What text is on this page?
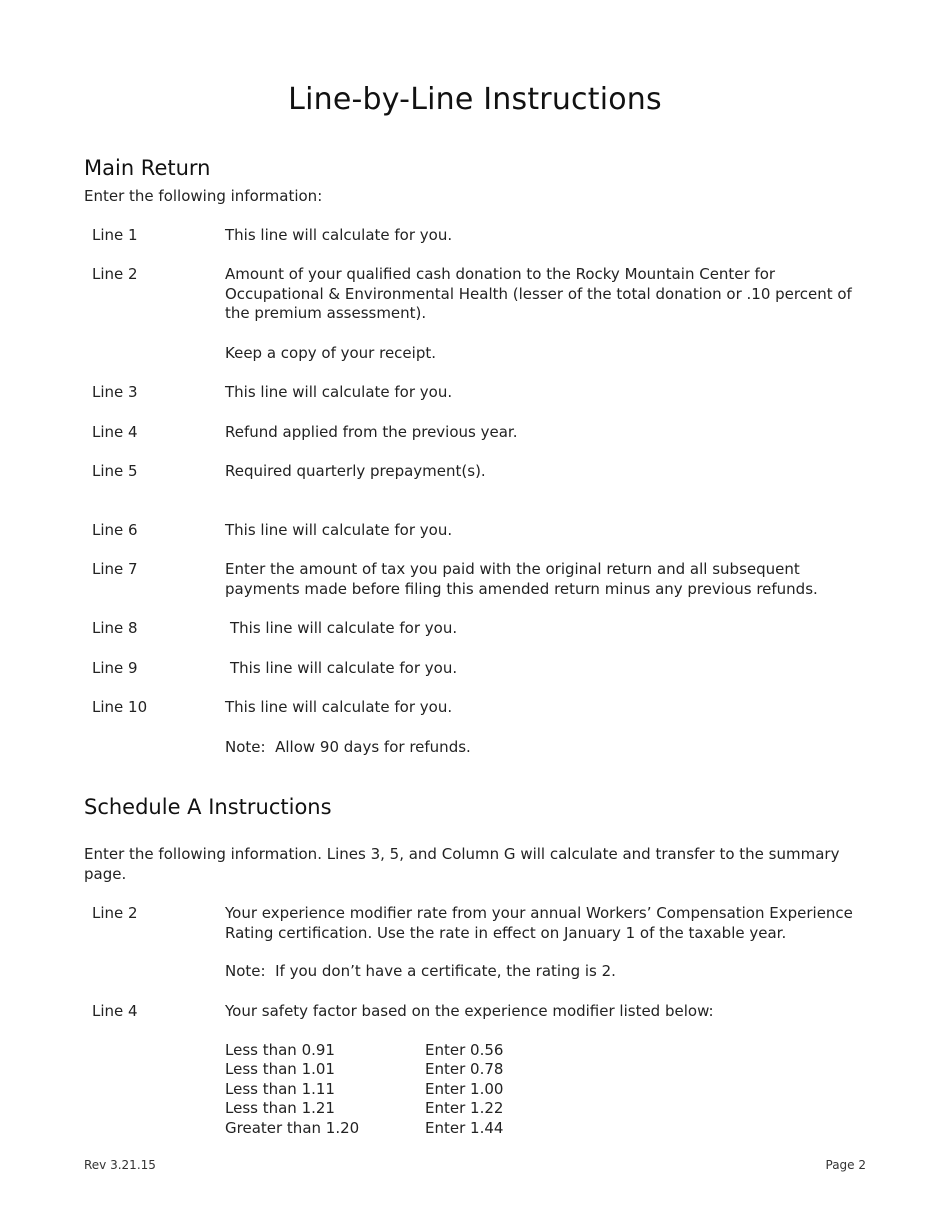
Line-by-Line Instructions
Main Return
Enter the following information:
Line 1	This line will calculate for you.
Line 2	Amount of your qualified cash donation to the Rocky Mountain Center for Occupational & Environmental Health (lesser of the total donation or .10 percent of the premium assessment).
Keep a copy of your receipt.
Line 3	This line will calculate for you.
Line 4	Refund applied from the previous year.
Line 5	Required quarterly prepayment(s).
Line 6	This line will calculate for you.
Line 7	Enter the amount of tax you paid with the original return and all subsequent payments made before filing this amended return minus any previous refunds.
Line 8	This line will calculate for you.
Line 9	This line will calculate for you.
Line 10	This line will calculate for you.
Note:  Allow 90 days for refunds.
Schedule A Instructions
Enter the following information. Lines 3, 5, and Column G will calculate and transfer to the summary page.
Line 2	Your experience modifier rate from your annual Workers’ Compensation Experience Rating certification. Use the rate in effect on January 1 of the taxable year.
Note:  If you don’t have a certificate, the rating is 2.
Line 4	Your safety factor based on the experience modifier listed below:
Less than 0.91	Enter 0.56
Less than 1.01	Enter 0.78
Less than 1.11	Enter 1.00
Less than 1.21	Enter 1.22
Greater than 1.20	Enter 1.44
Rev 3.21.15	Page 2
